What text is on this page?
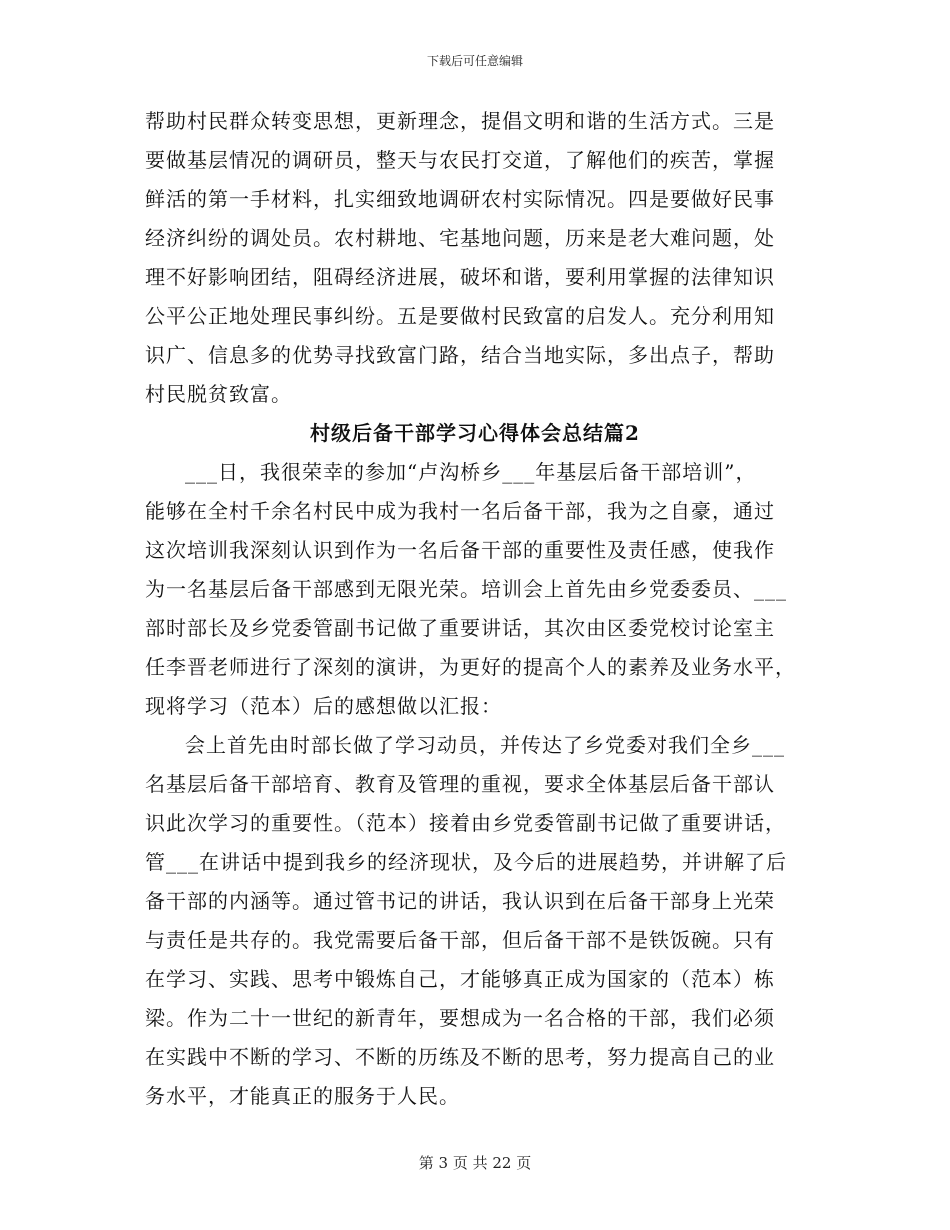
下载后可任意编辑
帮助村民群众转变思想，更新理念，提倡文明和谐的生活方式。三是
要做基层情况的调研员，整天与农民打交道，了解他们的疾苦，掌握
鲜活的第一手材料，扎实细致地调研农村实际情况。四是要做好民事
经济纠纷的调处员。农村耕地、宅基地问题，历来是老大难问题，处
理不好影响团结，阻碍经济进展，破坏和谐，要利用掌握的法律知识
公平公正地处理民事纠纷。五是要做村民致富的启发人。充分利用知
识广、信息多的优势寻找致富门路，结合当地实际，多出点子，帮助
村民脱贫致富。
村级后备干部学习心得体会总结篇2
___日，我很荣幸的参加“卢沟桥乡___年基层后备干部培训”，
能够在全村千余名村民中成为我村一名后备干部，我为之自豪，通过
这次培训我深刻认识到作为一名后备干部的重要性及责任感，使我作
为一名基层后备干部感到无限光荣。培训会上首先由乡党委委员、___
部时部长及乡党委管副书记做了重要讲话，其次由区委党校讨论室主
任李晋老师进行了深刻的演讲，为更好的提高个人的素养及业务水平，
现将学习（范本）后的感想做以汇报：
会上首先由时部长做了学习动员，并传达了乡党委对我们全乡___
名基层后备干部培育、教育及管理的重视，要求全体基层后备干部认
识此次学习的重要性。（范本）接着由乡党委管副书记做了重要讲话，
管___在讲话中提到我乡的经济现状，及今后的进展趋势，并讲解了后
备干部的内涵等。通过管书记的讲话，我认识到在后备干部身上光荣
与责任是共存的。我党需要后备干部，但后备干部不是铁饭碗。只有
在学习、实践、思考中锻炼自己，才能够真正成为国家的（范本）栋
梁。作为二十一世纪的新青年，要想成为一名合格的干部，我们必须
在实践中不断的学习、不断的历练及不断的思考，努力提高自己的业
务水平，才能真正的服务于人民。
第 3 页 共 22 页
